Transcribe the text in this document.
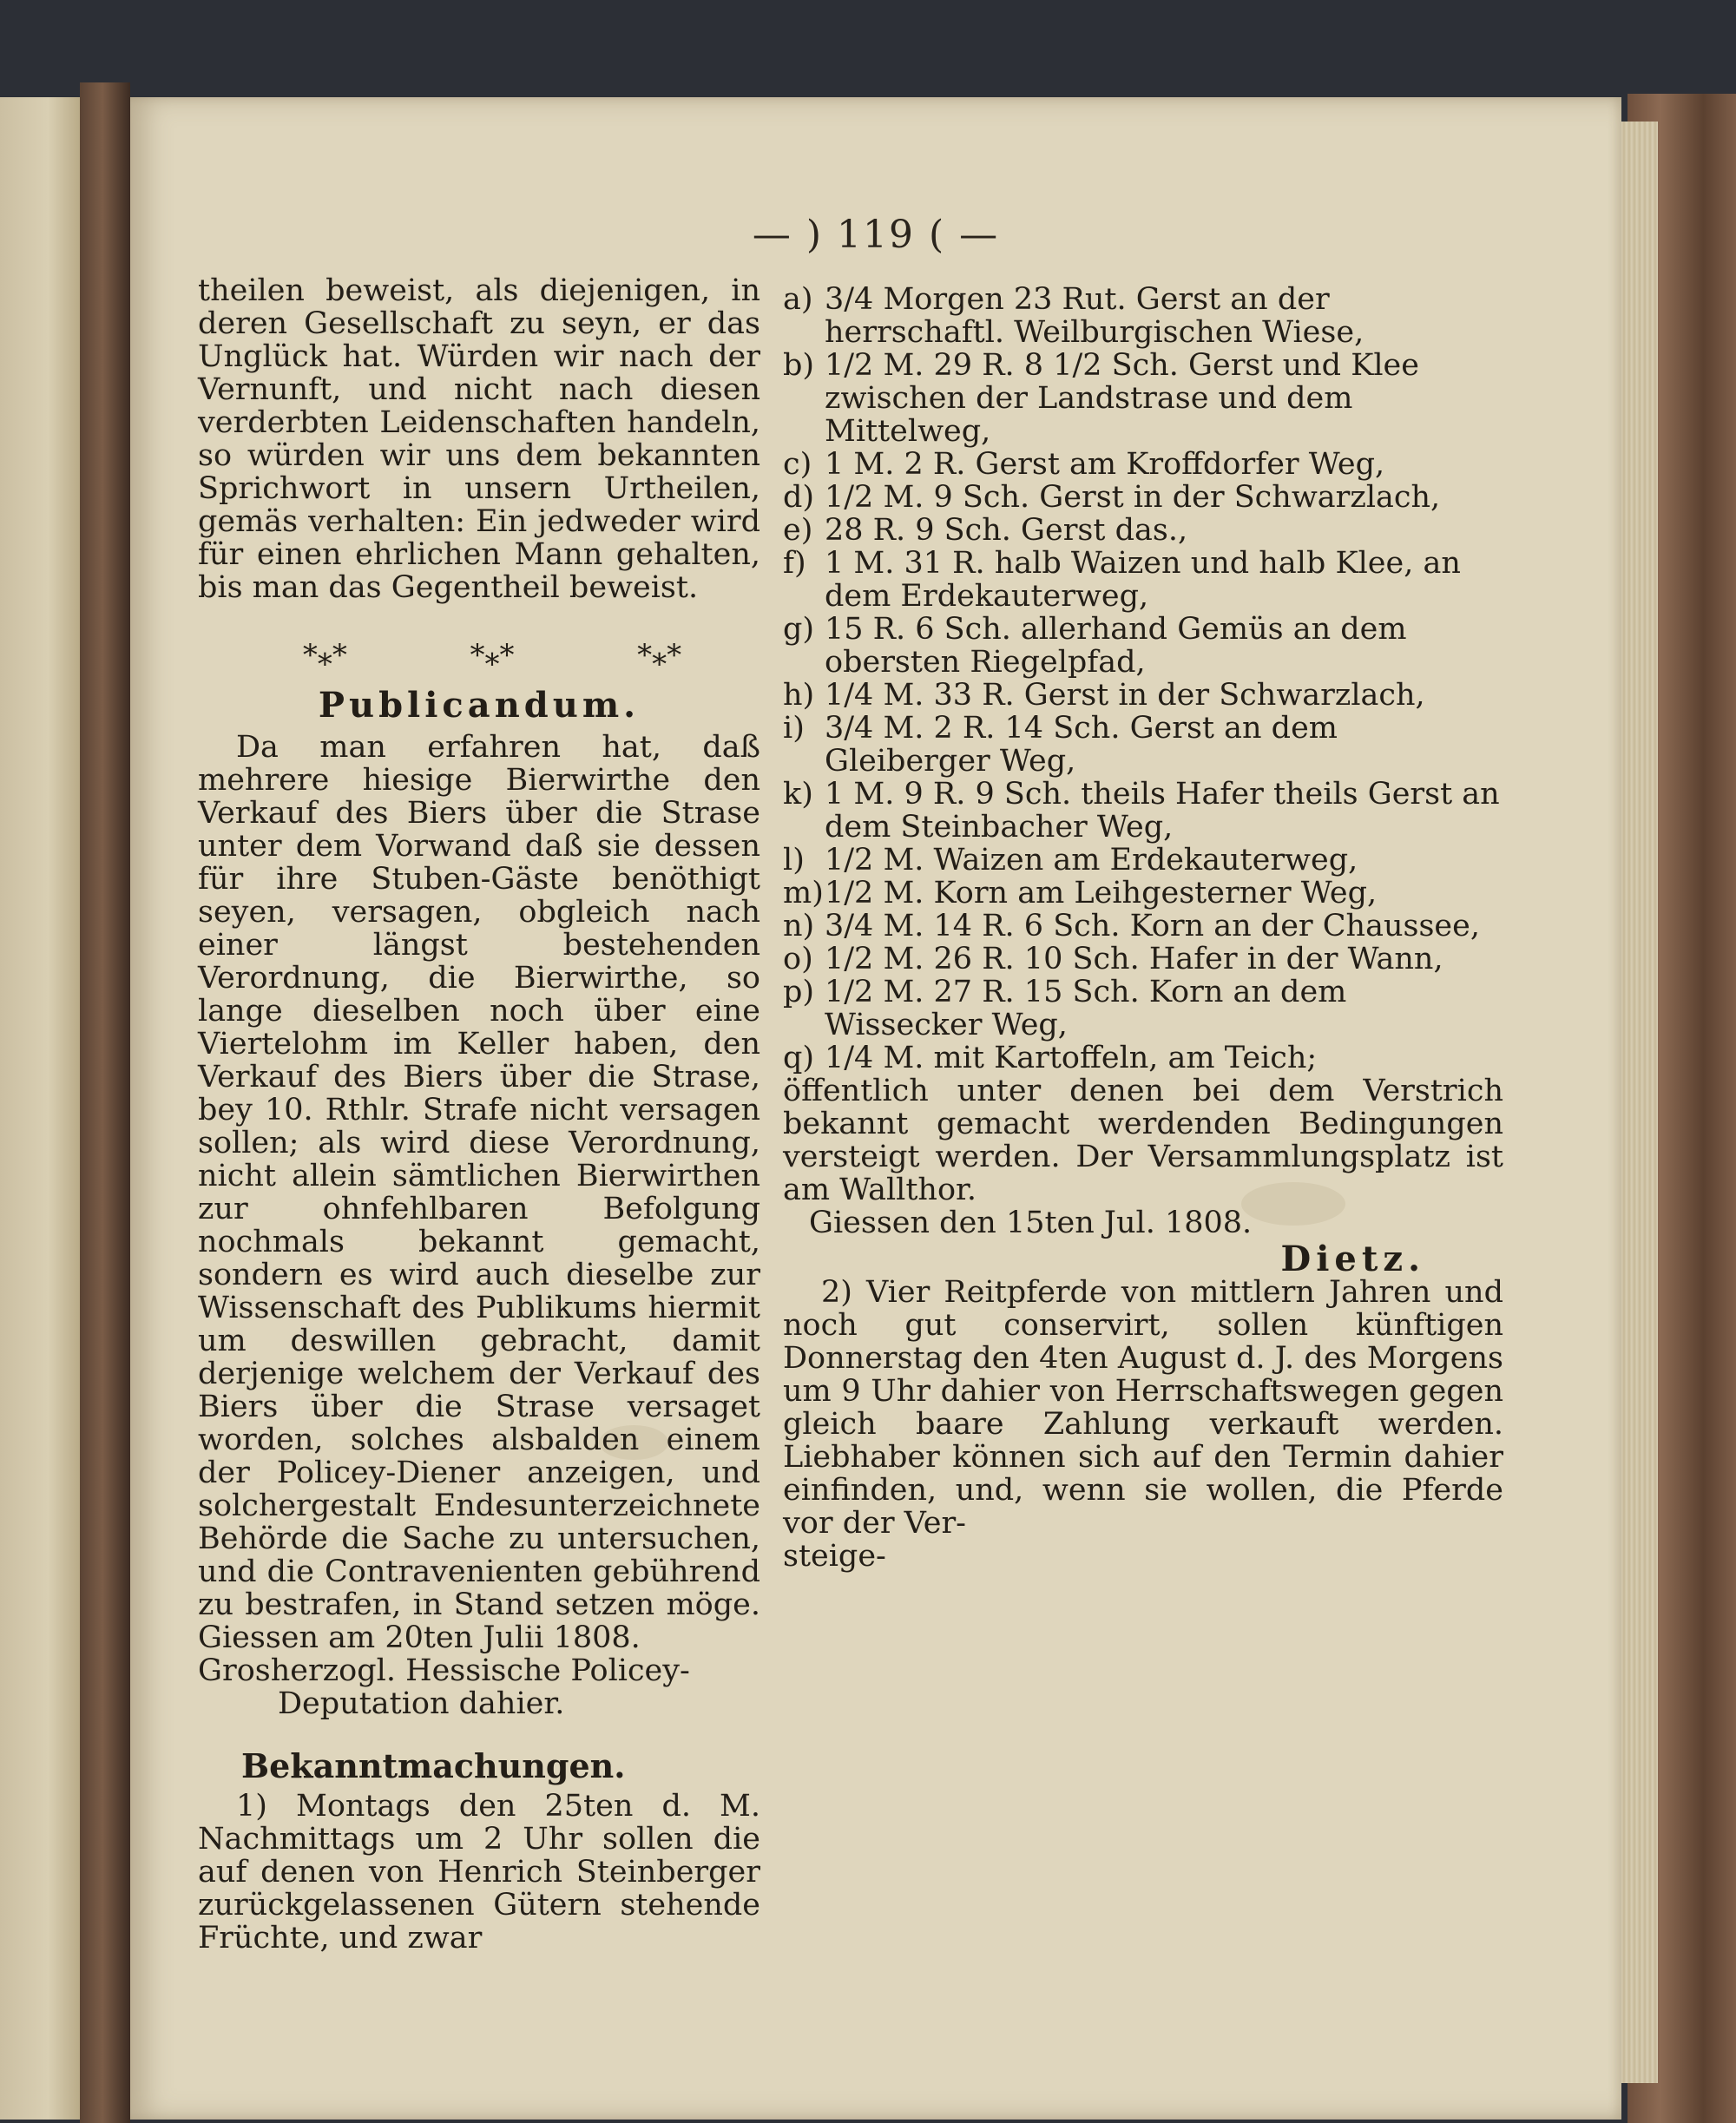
— ) 119 ( —

theilen beweist, als diejenigen, in deren Gesellschaft zu seyn, er das Unglück hat. Würden wir nach der Vernunft, und nicht nach diesen verderbten Leidenschaften handeln, so würden wir uns dem bekannten Sprichwort in unsern Urtheilen, gemäs verhalten: Ein jedweder wird für einen ehrlichen Mann gehalten, bis man das Gegentheil beweist.

*⁎*	*⁎*	*⁎*
Publicandum.

Da man erfahren hat, daß mehrere hiesige Bierwirthe den Verkauf des Biers über die Strase unter dem Vorwand daß sie dessen für ihre Stuben-Gäste benöthigt seyen, versagen, obgleich nach einer längst bestehenden Verordnung, die Bierwirthe, so lange dieselben noch über eine Viertelohm im Keller haben, den Verkauf des Biers über die Strase, bey 10. Rthlr. Strafe nicht versagen sollen; als wird diese Verordnung, nicht allein sämtlichen Bierwirthen zur ohnfehlbaren Befolgung nochmals bekannt gemacht, sondern es wird auch dieselbe zur Wissenschaft des Publikums hiermit um deswillen gebracht, damit derjenige welchem der Verkauf des Biers über die Strase versaget worden, solches alsbalden einem der Policey-Diener anzeigen, und solchergestalt Endesunterzeichnete Behörde die Sache zu untersuchen, und die Contravenienten gebührend zu bestrafen, in Stand setzen möge. Giessen am 20ten Julii 1808.

Grosherzogl. Hessische Policey-
Deputation dahier.

Bekanntmachungen.

1) Montags den 25ten d. M. Nachmittags um 2 Uhr sollen die auf denen von Henrich Steinberger zurückgelassenen Gütern stehende Früchte, und zwar

a) 3/4 Morgen 23 Rut. Gerst an der herrschaftl. Weilburgischen Wiese,
b) 1/2 M. 29 R. 8 1/2 Sch. Gerst und Klee zwischen der Landstrase und dem Mittelweg,
c) 1 M. 2 R. Gerst am Kroffdorfer Weg,
d) 1/2 M. 9 Sch. Gerst in der Schwarzlach,
e) 28 R. 9 Sch. Gerst das.,
f) 1 M. 31 R. halb Waizen und halb Klee, an dem Erdekauterweg,
g) 15 R. 6 Sch. allerhand Gemüs an dem obersten Riegelpfad,
h) 1/4 M. 33 R. Gerst in der Schwarzlach,
i) 3/4 M. 2 R. 14 Sch. Gerst an dem Gleiberger Weg,
k) 1 M. 9 R. 9 Sch. theils Hafer theils Gerst an dem Steinbacher Weg,
l) 1/2 M. Waizen am Erdekauterweg,
m) 1/2 M. Korn am Leihgesterner Weg,
n) 3/4 M. 14 R. 6 Sch. Korn an der Chaussee,
o) 1/2 M. 26 R. 10 Sch. Hafer in der Wann,
p) 1/2 M. 27 R. 15 Sch. Korn an dem Wissecker Weg,
q) 1/4 M. mit Kartoffeln, am Teich;

öffentlich unter denen bei dem Verstrich bekannt gemacht werdenden Bedingungen versteigt werden. Der Versammlungsplatz ist am Wallthor.

Giessen den 15ten Jul. 1808.

Dietz.

2) Vier Reitpferde von mittlern Jahren und noch gut conservirt, sollen künftigen Donnerstag den 4ten August d. J. des Morgens um 9 Uhr dahier von Herrschaftswegen gegen gleich baare Zahlung verkauft werden. Liebhaber können sich auf den Termin dahier einfinden, und, wenn sie wollen, die Pferde vor der Ver-

steige-
